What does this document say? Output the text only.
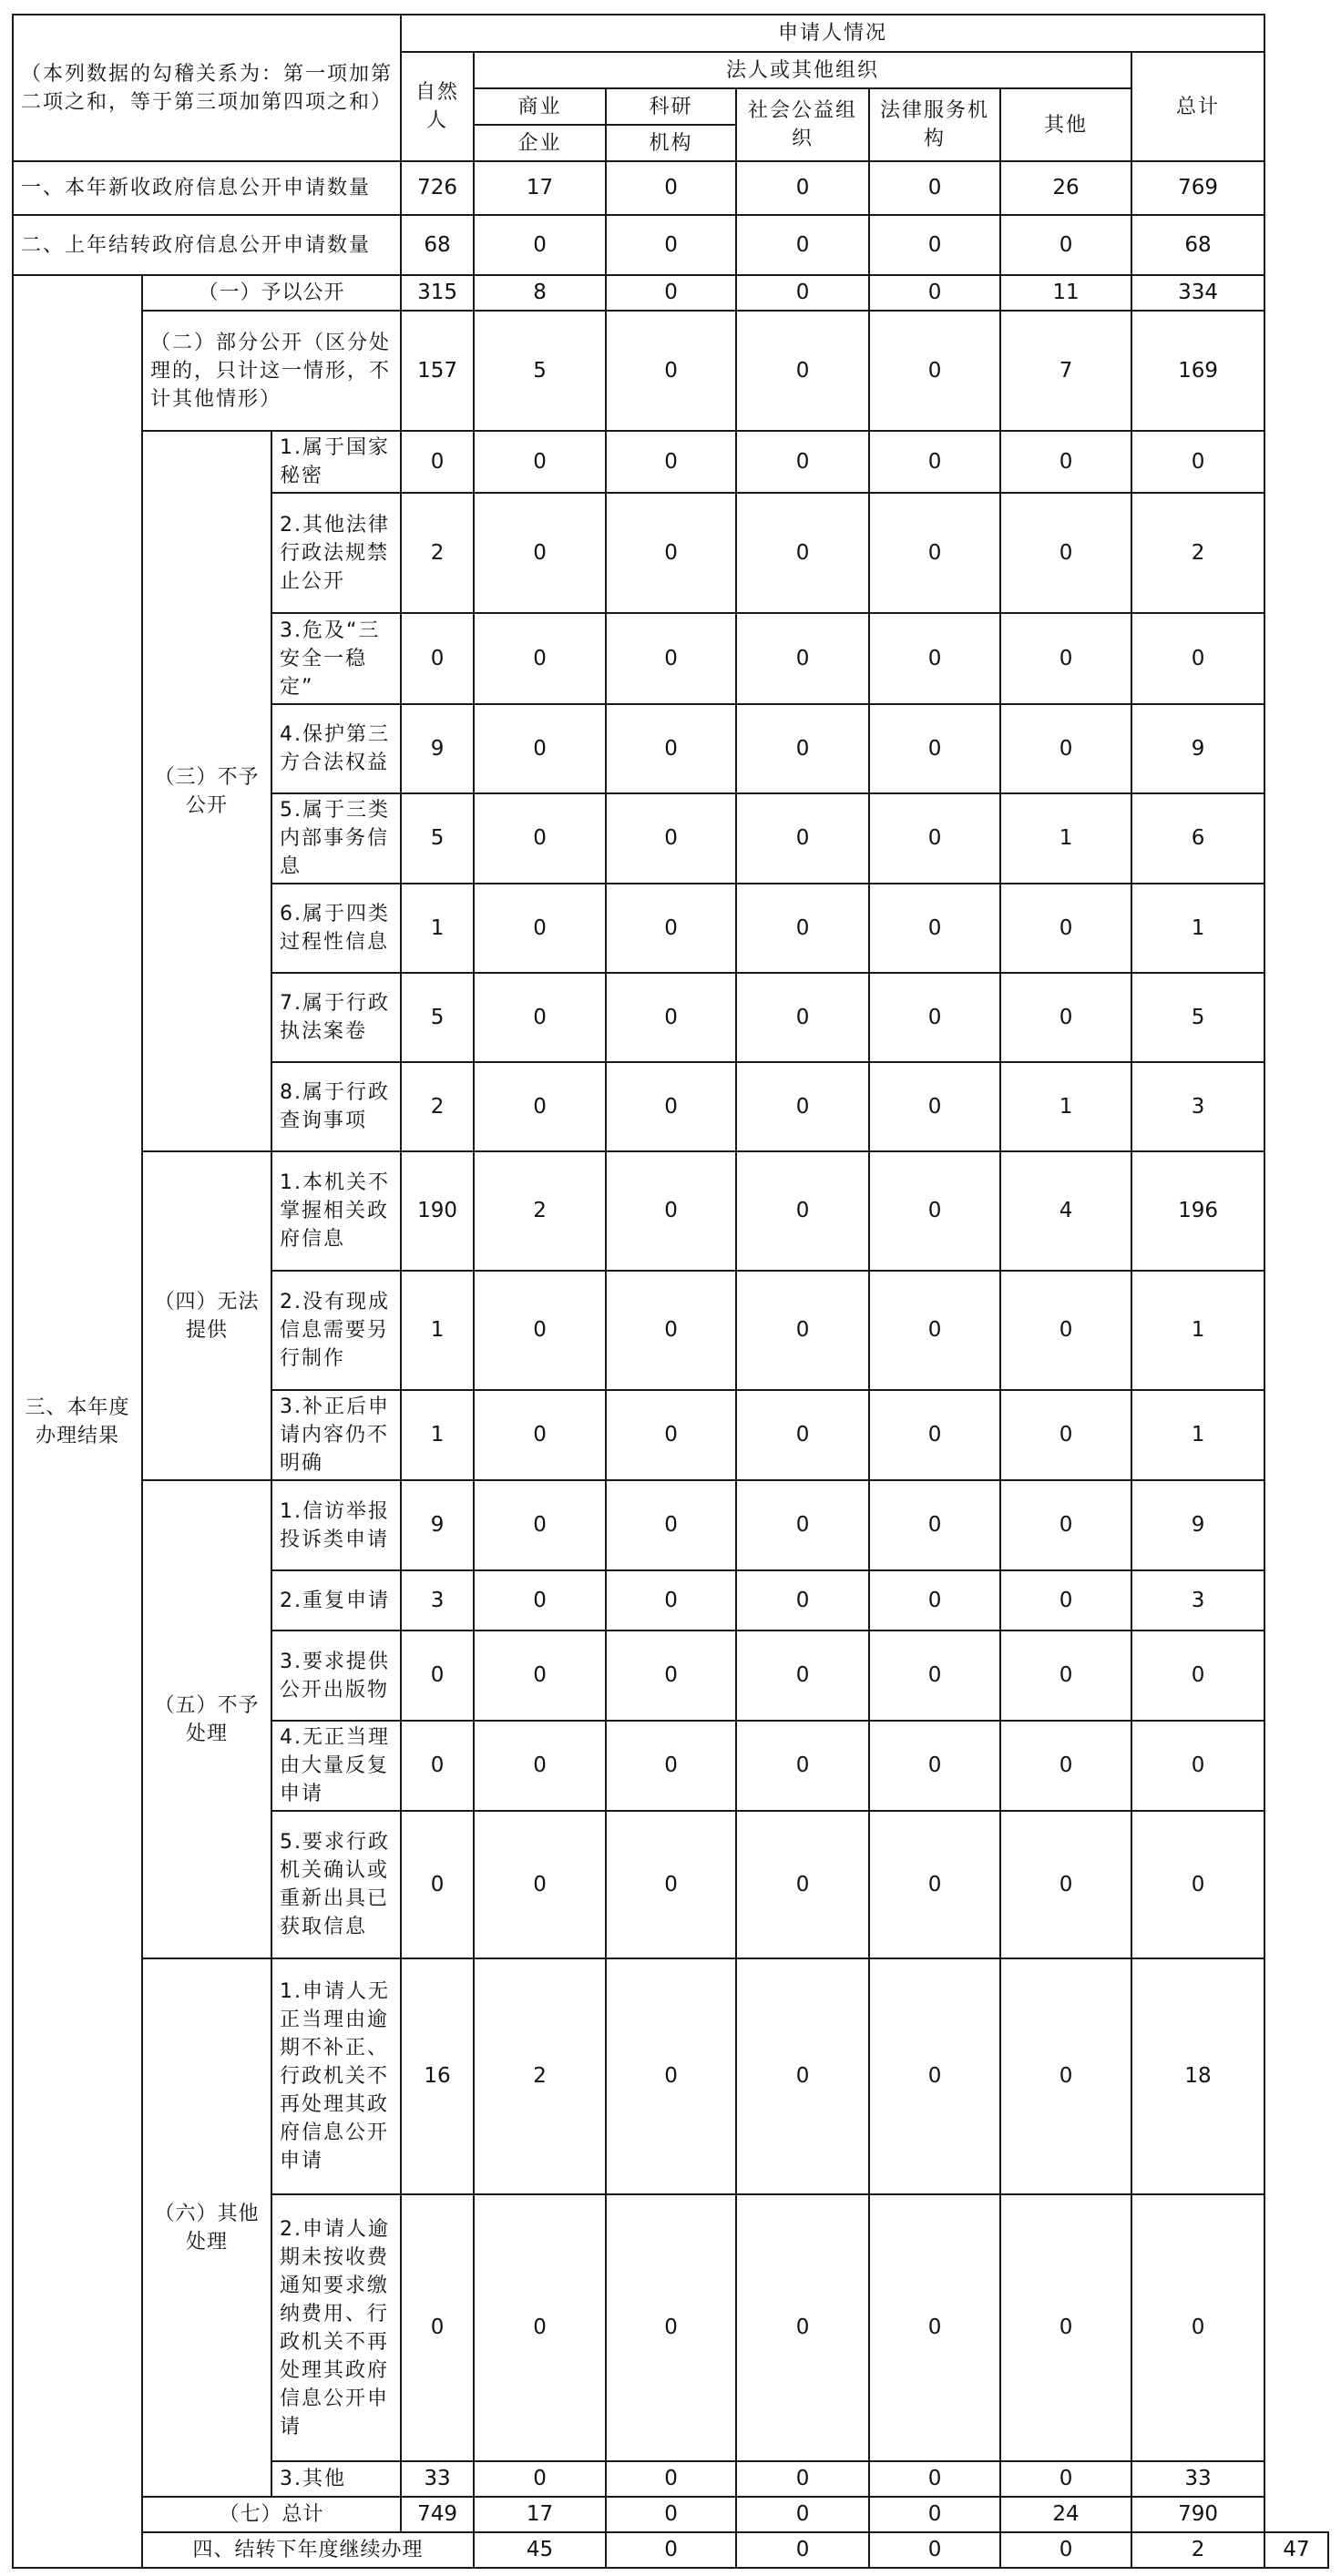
（本列数据的勾稽关系为：第一项加第二项之和，等于第三项加第四项之和）			申请人情况							
			自然人	法人或其他组织					总计	
				商业	科研	社会公益组织	法律服务机构	其他		
				企业	机构					
一、本年新收政府信息公开申请数量			726	17	0	0	0	26	769	
二、上年结转政府信息公开申请数量			68	0	0	0	0	0	68	
三、本年度办理结果	（一）予以公开		315	8	0	0	0	11	334	
	（二）部分公开（区分处理的，只计这一情形，不计其他情形）		157	5	0	0	0	7	169	
	（三）不予公开	1.属于国家秘密	0	0	0	0	0	0	0	
		2.其他法律行政法规禁止公开	2	0	0	0	0	0	2	
		3.危及“三安全一稳定”	0	0	0	0	0	0	0	
		4.保护第三方合法权益	9	0	0	0	0	0	9	
		5.属于三类内部事务信息	5	0	0	0	0	1	6	
		6.属于四类过程性信息	1	0	0	0	0	0	1	
		7.属于行政执法案卷	5	0	0	0	0	0	5	
		8.属于行政查询事项	2	0	0	0	0	1	3	
	（四）无法提供	1.本机关不掌握相关政府信息	190	2	0	0	0	4	196	
		2.没有现成信息需要另行制作	1	0	0	0	0	0	1	
		3.补正后申请内容仍不明确	1	0	0	0	0	0	1	
	（五）不予处理	1.信访举报投诉类申请	9	0	0	0	0	0	9	
		2.重复申请	3	0	0	0	0	0	3	
		3.要求提供公开出版物	0	0	0	0	0	0	0	
		4.无正当理由大量反复申请	0	0	0	0	0	0	0	
		5.要求行政机关确认或重新出具已获取信息	0	0	0	0	0	0	0	
	（六）其他处理	1.申请人无正当理由逾期不补正、行政机关不再处理其政府信息公开申请	16	2	0	0	0	0	18	
		2.申请人逾期未按收费通知要求缴纳费用、行政机关不再处理其政府信息公开申请	0	0	0	0	0	0	0	
		3.其他	33	0	0	0	0	0	33	
	（七）总计		749	17	0	0	0	24	790	
	四、结转下年度继续办理			45	0	0	0	0	2	47
